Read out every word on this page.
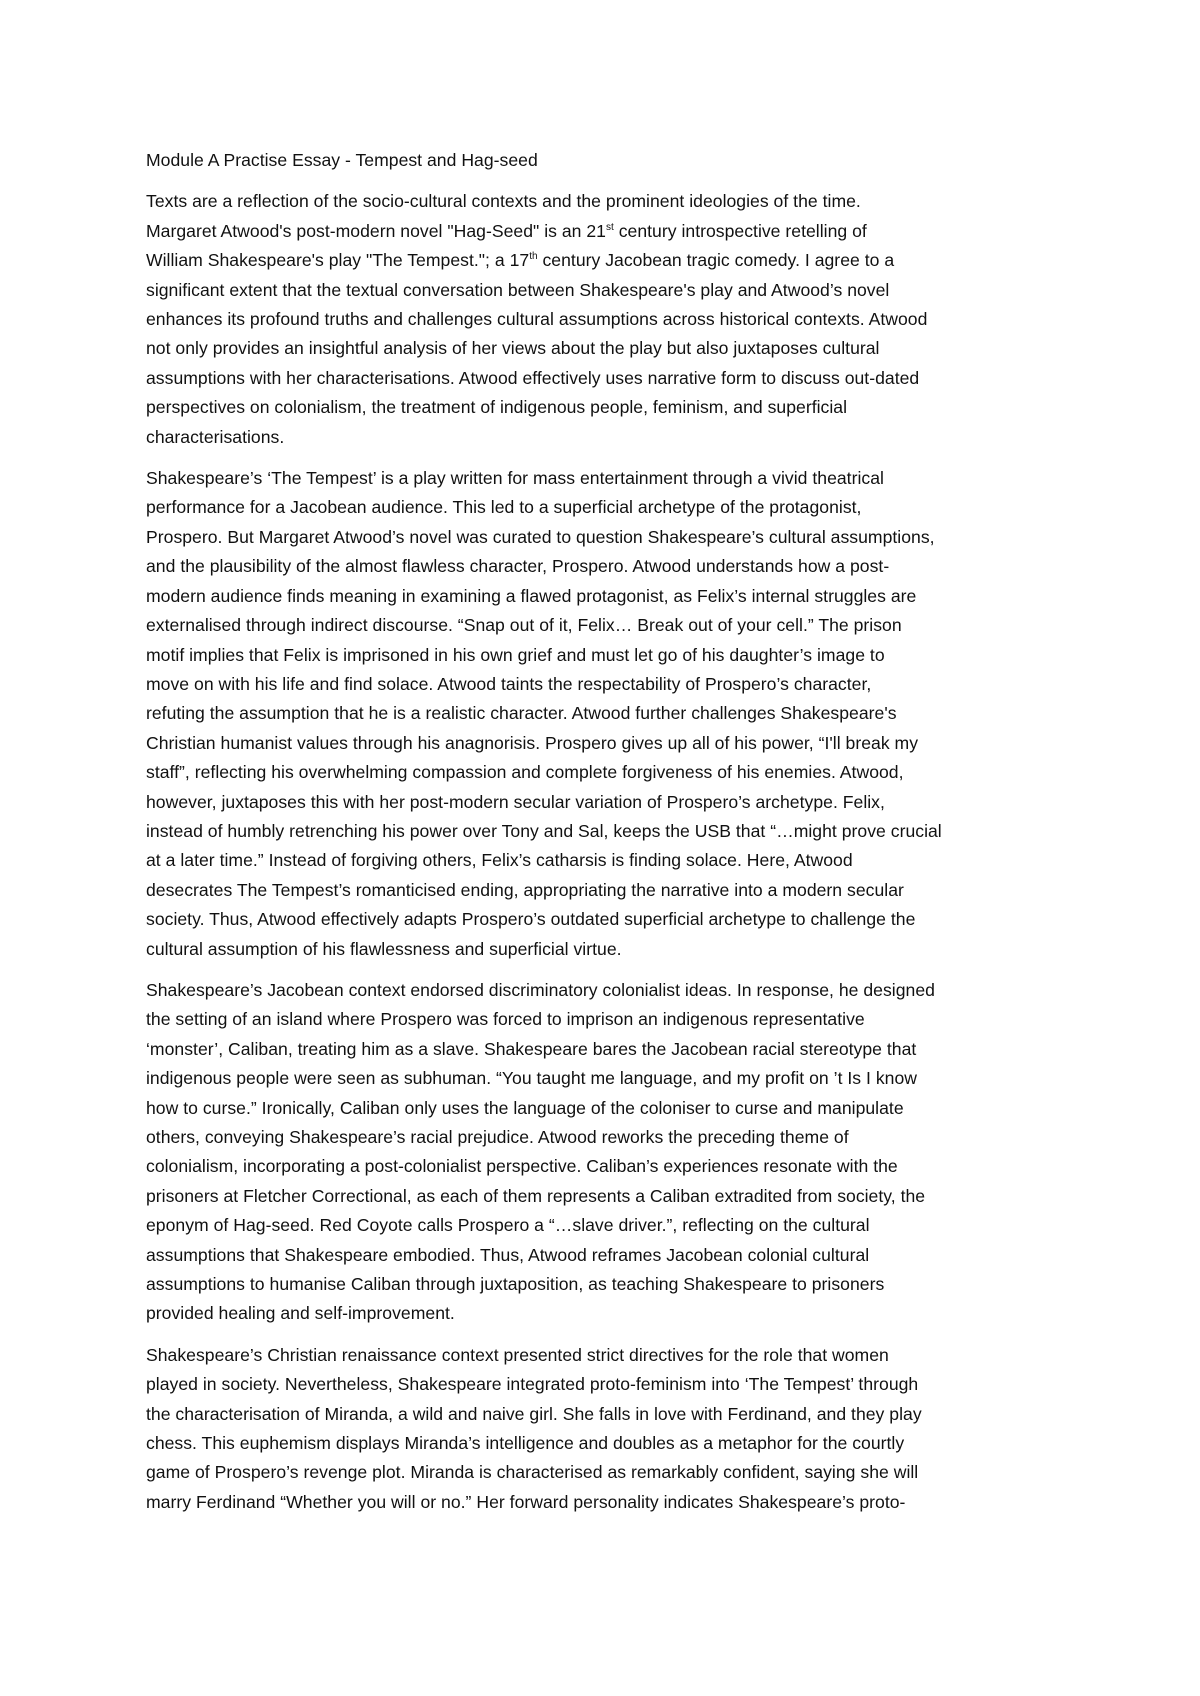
Module A Practise Essay - Tempest and Hag-seed
Texts are a reflection of the socio-cultural contexts and the prominent ideologies of the time.
Margaret Atwood's post-modern novel "Hag-Seed" is an 21st century introspective retelling of
William Shakespeare's play "The Tempest."; a 17th century Jacobean tragic comedy. I agree to a
significant extent that the textual conversation between Shakespeare's play and Atwood’s novel
enhances its profound truths and challenges cultural assumptions across historical contexts. Atwood
not only provides an insightful analysis of her views about the play but also juxtaposes cultural
assumptions with her characterisations. Atwood effectively uses narrative form to discuss out-dated
perspectives on colonialism, the treatment of indigenous people, feminism, and superficial
characterisations.
Shakespeare’s ‘The Tempest’ is a play written for mass entertainment through a vivid theatrical
performance for a Jacobean audience. This led to a superficial archetype of the protagonist,
Prospero. But Margaret Atwood’s novel was curated to question Shakespeare’s cultural assumptions,
and the plausibility of the almost flawless character, Prospero. Atwood understands how a post-
modern audience finds meaning in examining a flawed protagonist, as Felix’s internal struggles are
externalised through indirect discourse. “Snap out of it, Felix… Break out of your cell.” The prison
motif implies that Felix is imprisoned in his own grief and must let go of his daughter’s image to
move on with his life and find solace. Atwood taints the respectability of Prospero’s character,
refuting the assumption that he is a realistic character. Atwood further challenges Shakespeare's
Christian humanist values through his anagnorisis. Prospero gives up all of his power, “I'll break my
staff”, reflecting his overwhelming compassion and complete forgiveness of his enemies. Atwood,
however, juxtaposes this with her post-modern secular variation of Prospero’s archetype. Felix,
instead of humbly retrenching his power over Tony and Sal, keeps the USB that “…might prove crucial
at a later time.” Instead of forgiving others, Felix’s catharsis is finding solace. Here, Atwood
desecrates The Tempest’s romanticised ending, appropriating the narrative into a modern secular
society. Thus, Atwood effectively adapts Prospero’s outdated superficial archetype to challenge the
cultural assumption of his flawlessness and superficial virtue.
Shakespeare’s Jacobean context endorsed discriminatory colonialist ideas. In response, he designed
the setting of an island where Prospero was forced to imprison an indigenous representative
‘monster’, Caliban, treating him as a slave. Shakespeare bares the Jacobean racial stereotype that
indigenous people were seen as subhuman. “You taught me language, and my profit on ’t Is I know
how to curse.” Ironically, Caliban only uses the language of the coloniser to curse and manipulate
others, conveying Shakespeare’s racial prejudice. Atwood reworks the preceding theme of
colonialism, incorporating a post-colonialist perspective. Caliban’s experiences resonate with the
prisoners at Fletcher Correctional, as each of them represents a Caliban extradited from society, the
eponym of Hag-seed. Red Coyote calls Prospero a “…slave driver.”, reflecting on the cultural
assumptions that Shakespeare embodied. Thus, Atwood reframes Jacobean colonial cultural
assumptions to humanise Caliban through juxtaposition, as teaching Shakespeare to prisoners
provided healing and self-improvement.
Shakespeare’s Christian renaissance context presented strict directives for the role that women
played in society. Nevertheless, Shakespeare integrated proto-feminism into ‘The Tempest’ through
the characterisation of Miranda, a wild and naive girl. She falls in love with Ferdinand, and they play
chess. This euphemism displays Miranda’s intelligence and doubles as a metaphor for the courtly
game of Prospero’s revenge plot. Miranda is characterised as remarkably confident, saying she will
marry Ferdinand “Whether you will or no.” Her forward personality indicates Shakespeare’s proto-
